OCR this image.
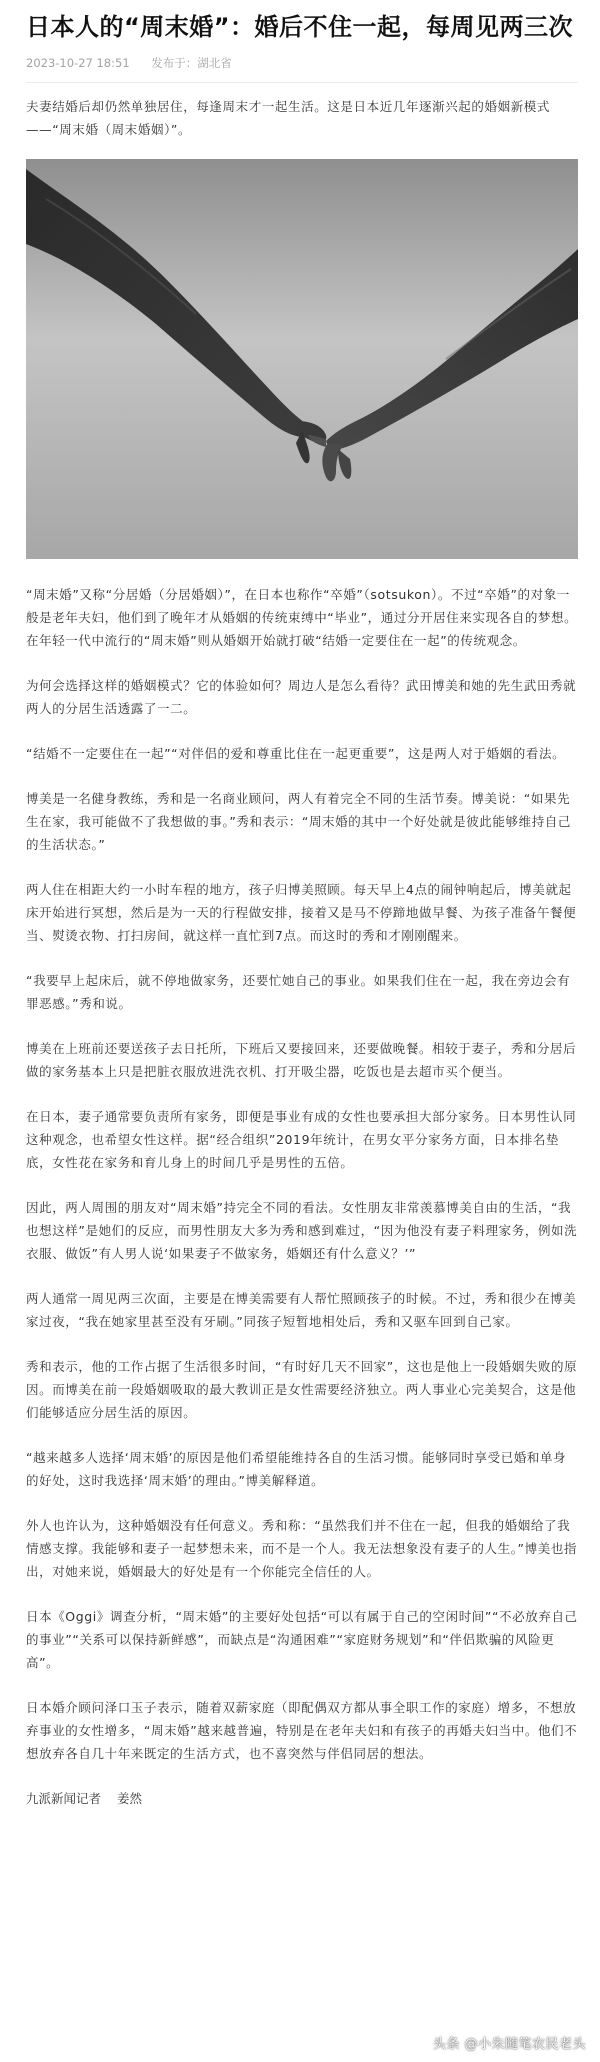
日本人的“周末婚”：婚后不住一起，每周见两三次
2023-10-27 18:51 发布于：湖北省

夫妻结婚后却仍然单独居住，每逢周末才一起生活。这是日本近几年逐渐兴起的婚姻新模式——“周末婚（周末婚姻）”。

“周末婚”又称“分居婚（分居婚姻）”，在日本也称作“卒婚”（sotsukon）。不过“卒婚”的对象一般是老年夫妇，他们到了晚年才从婚姻的传统束缚中“毕业”，通过分开居住来实现各自的梦想。在年轻一代中流行的“周末婚”则从婚姻开始就打破“结婚一定要住在一起”的传统观念。

为何会选择这样的婚姻模式？它的体验如何？周边人是怎么看待？武田博美和她的先生武田秀就两人的分居生活透露了一二。

“结婚不一定要住在一起”“对伴侣的爱和尊重比住在一起更重要”，这是两人对于婚姻的看法。

博美是一名健身教练，秀和是一名商业顾问，两人有着完全不同的生活节奏。博美说：“如果先生在家，我可能做不了我想做的事。”秀和表示：“周末婚的其中一个好处就是彼此能够维持自己的生活状态。”

两人住在相距大约一小时车程的地方，孩子归博美照顾。每天早上4点的闹钟响起后，博美就起床开始进行冥想，然后是为一天的行程做安排，接着又是马不停蹄地做早餐、为孩子准备午餐便当、熨烫衣物、打扫房间，就这样一直忙到7点。而这时的秀和才刚刚醒来。

“我要早上起床后，就不停地做家务，还要忙她自己的事业。如果我们住在一起，我在旁边会有罪恶感。”秀和说。

博美在上班前还要送孩子去日托所，下班后又要接回来，还要做晚餐。相较于妻子，秀和分居后做的家务基本上只是把脏衣服放进洗衣机、打开吸尘器，吃饭也是去超市买个便当。

在日本，妻子通常要负责所有家务，即便是事业有成的女性也要承担大部分家务。日本男性认同这种观念，也希望女性这样。据“经合组织”2019年统计，在男女平分家务方面，日本排名垫底，女性花在家务和育儿身上的时间几乎是男性的五倍。

因此，两人周围的朋友对“周末婚”持完全不同的看法。女性朋友非常羡慕博美自由的生活，“我也想这样”是她们的反应，而男性朋友大多为秀和感到难过，“因为他没有妻子料理家务，例如洗衣服、做饭”有人男人说‘如果妻子不做家务，婚姻还有什么意义？’”

两人通常一周见两三次面，主要是在博美需要有人帮忙照顾孩子的时候。不过，秀和很少在博美家过夜，“我在她家里甚至没有牙刷。”同孩子短暂地相处后，秀和又驱车回到自己家。

秀和表示，他的工作占据了生活很多时间，“有时好几天不回家”，这也是他上一段婚姻失败的原因。而博美在前一段婚姻吸取的最大教训正是女性需要经济独立。两人事业心完美契合，这是他们能够适应分居生活的原因。

“越来越多人选择‘周末婚’的原因是他们希望能维持各自的生活习惯。能够同时享受已婚和单身的好处，这时我选择‘周末婚’的理由。”博美解释道。

外人也许认为，这种婚姻没有任何意义。秀和称：“虽然我们并不住在一起，但我的婚姻给了我情感支撑。我能够和妻子一起梦想未来，而不是一个人。我无法想象没有妻子的人生。”博美也指出，对她来说，婚姻最大的好处是有一个你能完全信任的人。

日本《Oggi》调查分析，“周末婚”的主要好处包括“可以有属于自己的空闲时间”“不必放弃自己的事业”“关系可以保持新鲜感”，而缺点是“沟通困难”“家庭财务规划”和“伴侣欺骗的风险更高”。

日本婚介顾问泽口玉子表示，随着双薪家庭（即配偶双方都从事全职工作的家庭）增多，不想放弃事业的女性增多，“周末婚”越来越普遍，特别是在老年夫妇和有孩子的再婚夫妇当中。他们不想放弃各自几十年来既定的生活方式，也不喜突然与伴侣同居的想法。

九派新闻记者 姜然
头条 @小朱随笔农民老头
